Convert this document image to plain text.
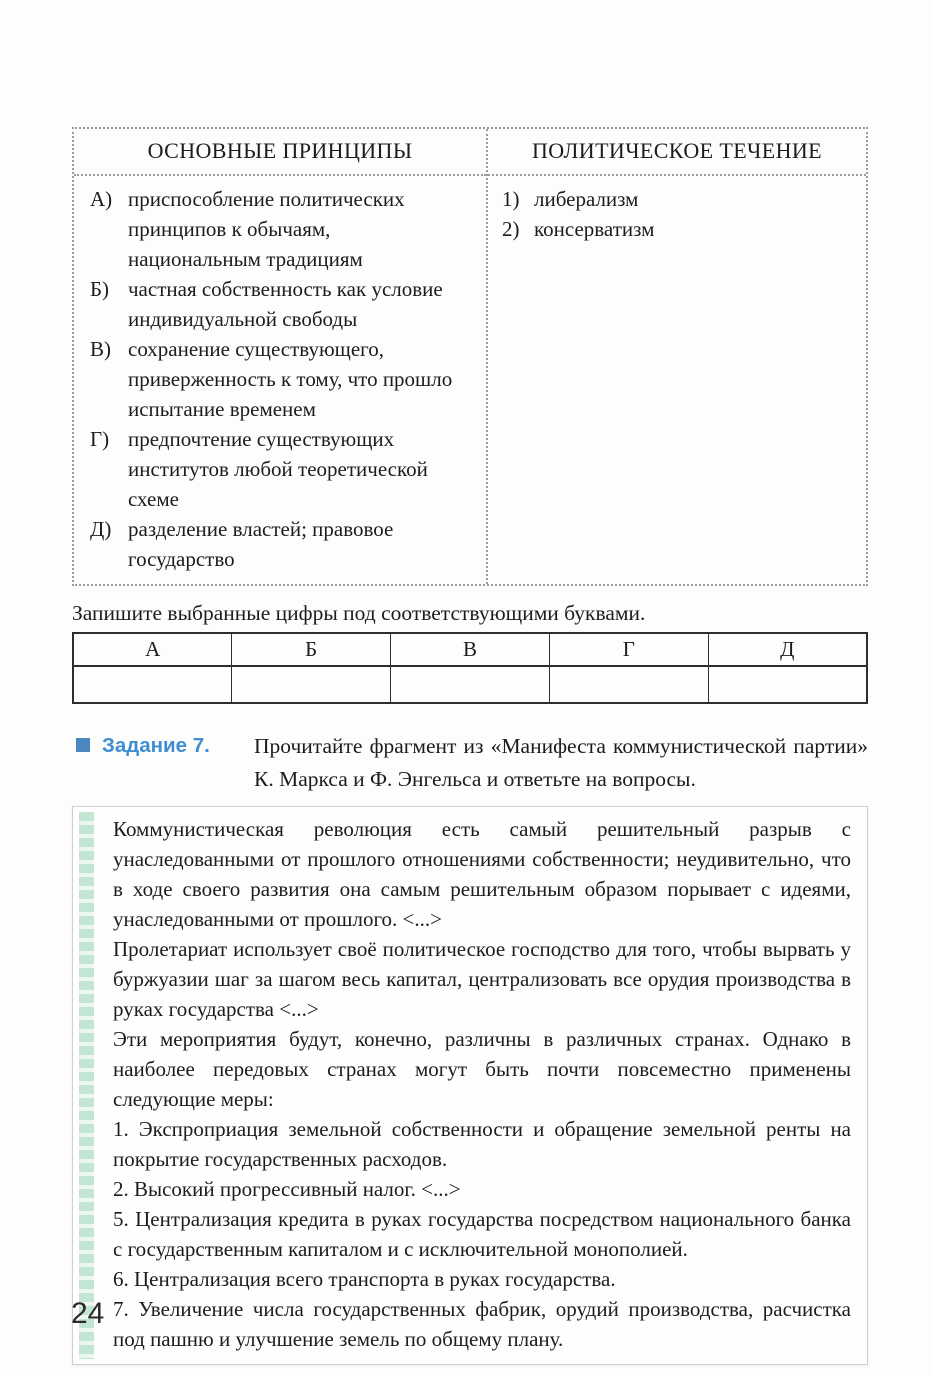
ОСНОВНЫЕ ПРИНЦИПЫ
А) приспособление политических принципов к обычаям, национальным традициям
Б) частная собственность как условие индивидуальной свободы
В) сохранение существующего, приверженность к тому, что прошло испытание временем
Г) предпочтение существующих институтов любой теоретической схеме
Д) разделение властей; правовое государство
ПОЛИТИЧЕСКОЕ ТЕЧЕНИЕ
1) либерализм
2) консерватизм
Запишите выбранные цифры под соответствующими буквами.
А	Б	В	Г	Д

Задание 7.	Прочитайте фрагмент из «Манифеста коммунистической партии» К. Маркса и Ф. Энгельса и ответьте на вопросы.

Коммунистическая революция есть самый решительный разрыв с унаследованными от прошлого отношениями собственности; неудивительно, что в ходе своего развития она самым решительным образом порывает с идеями, унаследованными от прошлого. <...>

Пролетариат использует своё политическое господство для того, чтобы вырвать у буржуазии шаг за шагом весь капитал, централизовать все орудия производства в руках государства <...>

Эти мероприятия будут, конечно, различны в различных странах. Однако в наиболее передовых странах могут быть почти повсеместно применены следующие меры:

1. Экспроприация земельной собственности и обращение земельной ренты на покрытие государственных расходов.

2. Высокий прогрессивный налог. <...>

5. Централизация кредита в руках государства посредством национального банка с государственным капиталом и с исключительной монополией.

6. Централизация всего транспорта в руках государства.

7. Увеличение числа государственных фабрик, орудий производства, расчистка под пашню и улучшение земель по общему плану.

24
